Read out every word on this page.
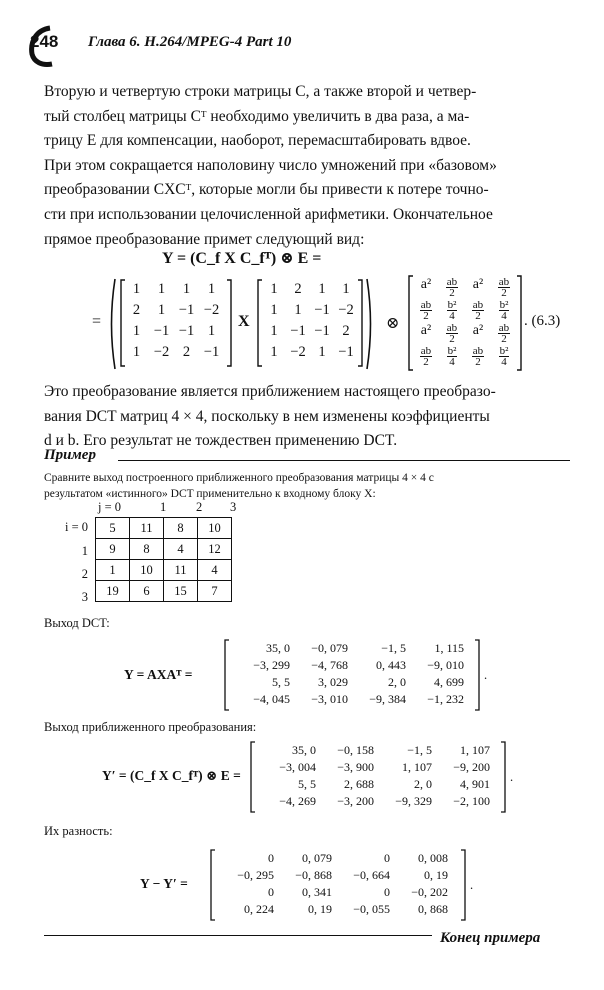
248 Глава 6. H.264/MPEG-4 Part 10
Вторую и четвертую строки матрицы C, а также второй и четвер-
тый столбец матрицы Cᵀ необходимо увеличить в два раза, а ма-
трицу E для компенсации, наоборот, перемасштабировать вдвое.
При этом сокращается наполовину число умножений при «базовом»
преобразовании CXCᵀ, которые могли бы привести к потере точно-
сти при использовании целочисленной арифметики. Окончательное
прямое преобразование примет следующий вид:
Y = (C_f X C_fᵀ) ⊗ E =
=
1	1	1	1
2	1 −1 −2
1 −1 −1 1
1 −2 2 −1
X
1	2	1	1
1	1 −1 −2
1 −1 −1 2
1 −2 1 −1
⊗
a²	$\frac{ab}{2}$	a²	$\frac{ab}{2}$
$\frac{ab}{2} \frac{\text{b²}}{4} \frac{ab}{2} \frac{\text{b²}}{4}$
a²	$\frac{ab}{2}$	a²	$\frac{ab}{2}$
$\frac{ab}{2} \frac{\text{b²}}{4} \frac{ab}{2} \frac{\text{b²}}{4}$
. (6.3)
Это преобразование является приближением настоящего преобразо-
вания DCT матриц 4 × 4, поскольку в нем изменены коэффициенты
d и b. Его результат не тождествен применению DCT.
Пример
Сравните выход построенного приближенного преобразования матрицы 4 × 4 с
результатом «истинного» DCT применительно к входному блоку X:
j = 0	1 2 3
i = 0
1
2
3
5	11	8	10
9	8	4	12
1	10	11	4
19	6	15	7
Выход DCT:
Y = AXAᵀ =	.
35, 0	−0, 079	−1, 5	1, 115
−3, 299	−4, 768	0, 443	−9, 010
5, 5	3, 029	2, 0	4, 699
−4, 045	−3, 010	−9, 384	−1, 232
Выход приближенного преобразования:
Y′ = (C_f X C_fᵀ) ⊗ E =	.
35, 0	−0, 158	−1, 5	1, 107
−3, 004	−3, 900	1, 107	−9, 200
5, 5	2, 688	2, 0	4, 901
−4, 269	−3, 200	−9, 329	−2, 100
Их разность:
Y − Y′ =	.
0	0, 079	0	0, 008
−0, 295	−0, 868	−0, 664	0, 19
0	0, 341	0	−0, 202
0, 224	0, 19	−0, 055	0, 868
Конец примера
